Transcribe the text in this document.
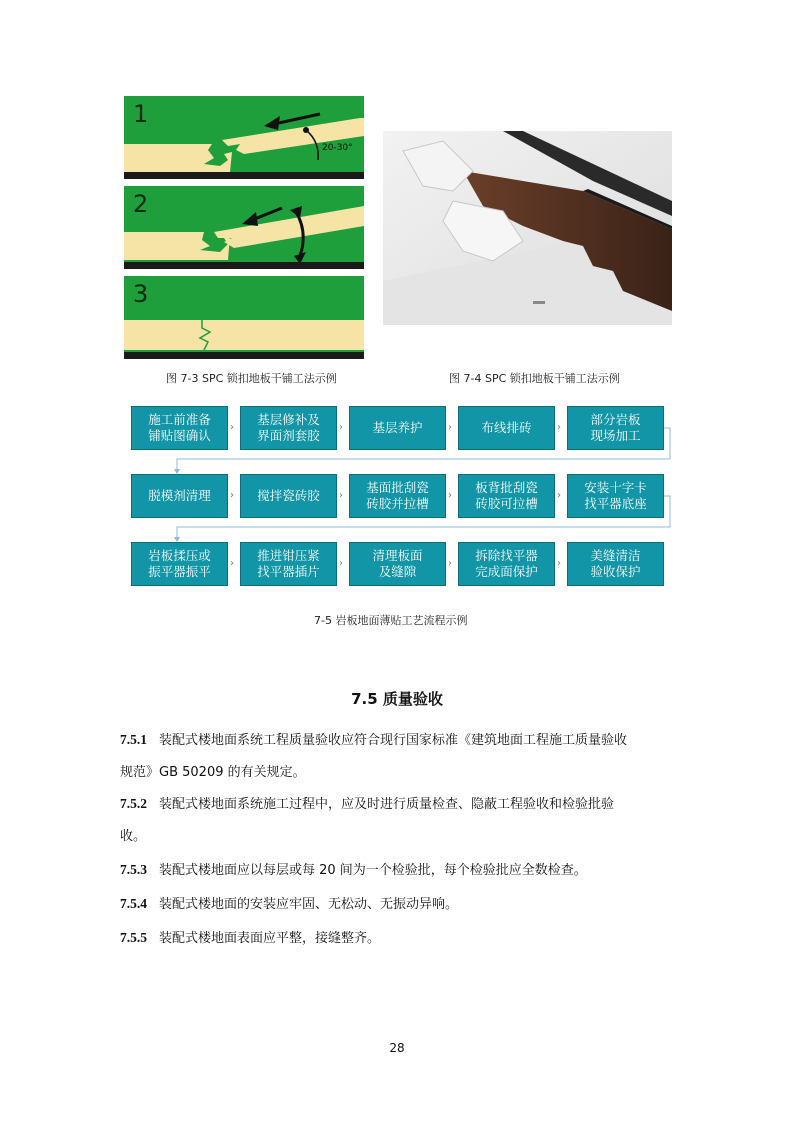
1
20-30°
2
3
图 7-3 SPC 锁扣地板干铺工法示例	图 7-4 SPC 锁扣地板干铺工法示例
施工前准备
铺贴图确认
›
基层修补及
界面剂套胶
› 基层养护	› 布线排砖	›
部分岩板
现场加工
脱模剂清理 › 搅拌瓷砖胶 ›
基面批刮瓷
砖胶并拉槽
›
板背批刮瓷
砖胶可拉槽
›
安装十字卡
找平器底座
岩板揉压或
振平器振平
›
推进钳压紧
找平器插片
›
清理板面
及缝隙
›
拆除找平器
完成面保护
›
美缝清洁
验收保护
7-5 岩板地面薄贴工艺流程示例
7.5 质量验收
7.5.1 装配式楼地面系统工程质量验收应符合现行国家标准《建筑地面工程施工质量验收
规范》GB 50209 的有关规定。
7.5.2 装配式楼地面系统施工过程中，应及时进行质量检查、隐蔽工程验收和检验批验
收。
7.5.3 装配式楼地面应以每层或每 20 间为一个检验批，每个检验批应全数检查。
7.5.4 装配式楼地面的安装应牢固、无松动、无振动异响。
7.5.5 装配式楼地面表面应平整，接缝整齐。
28
